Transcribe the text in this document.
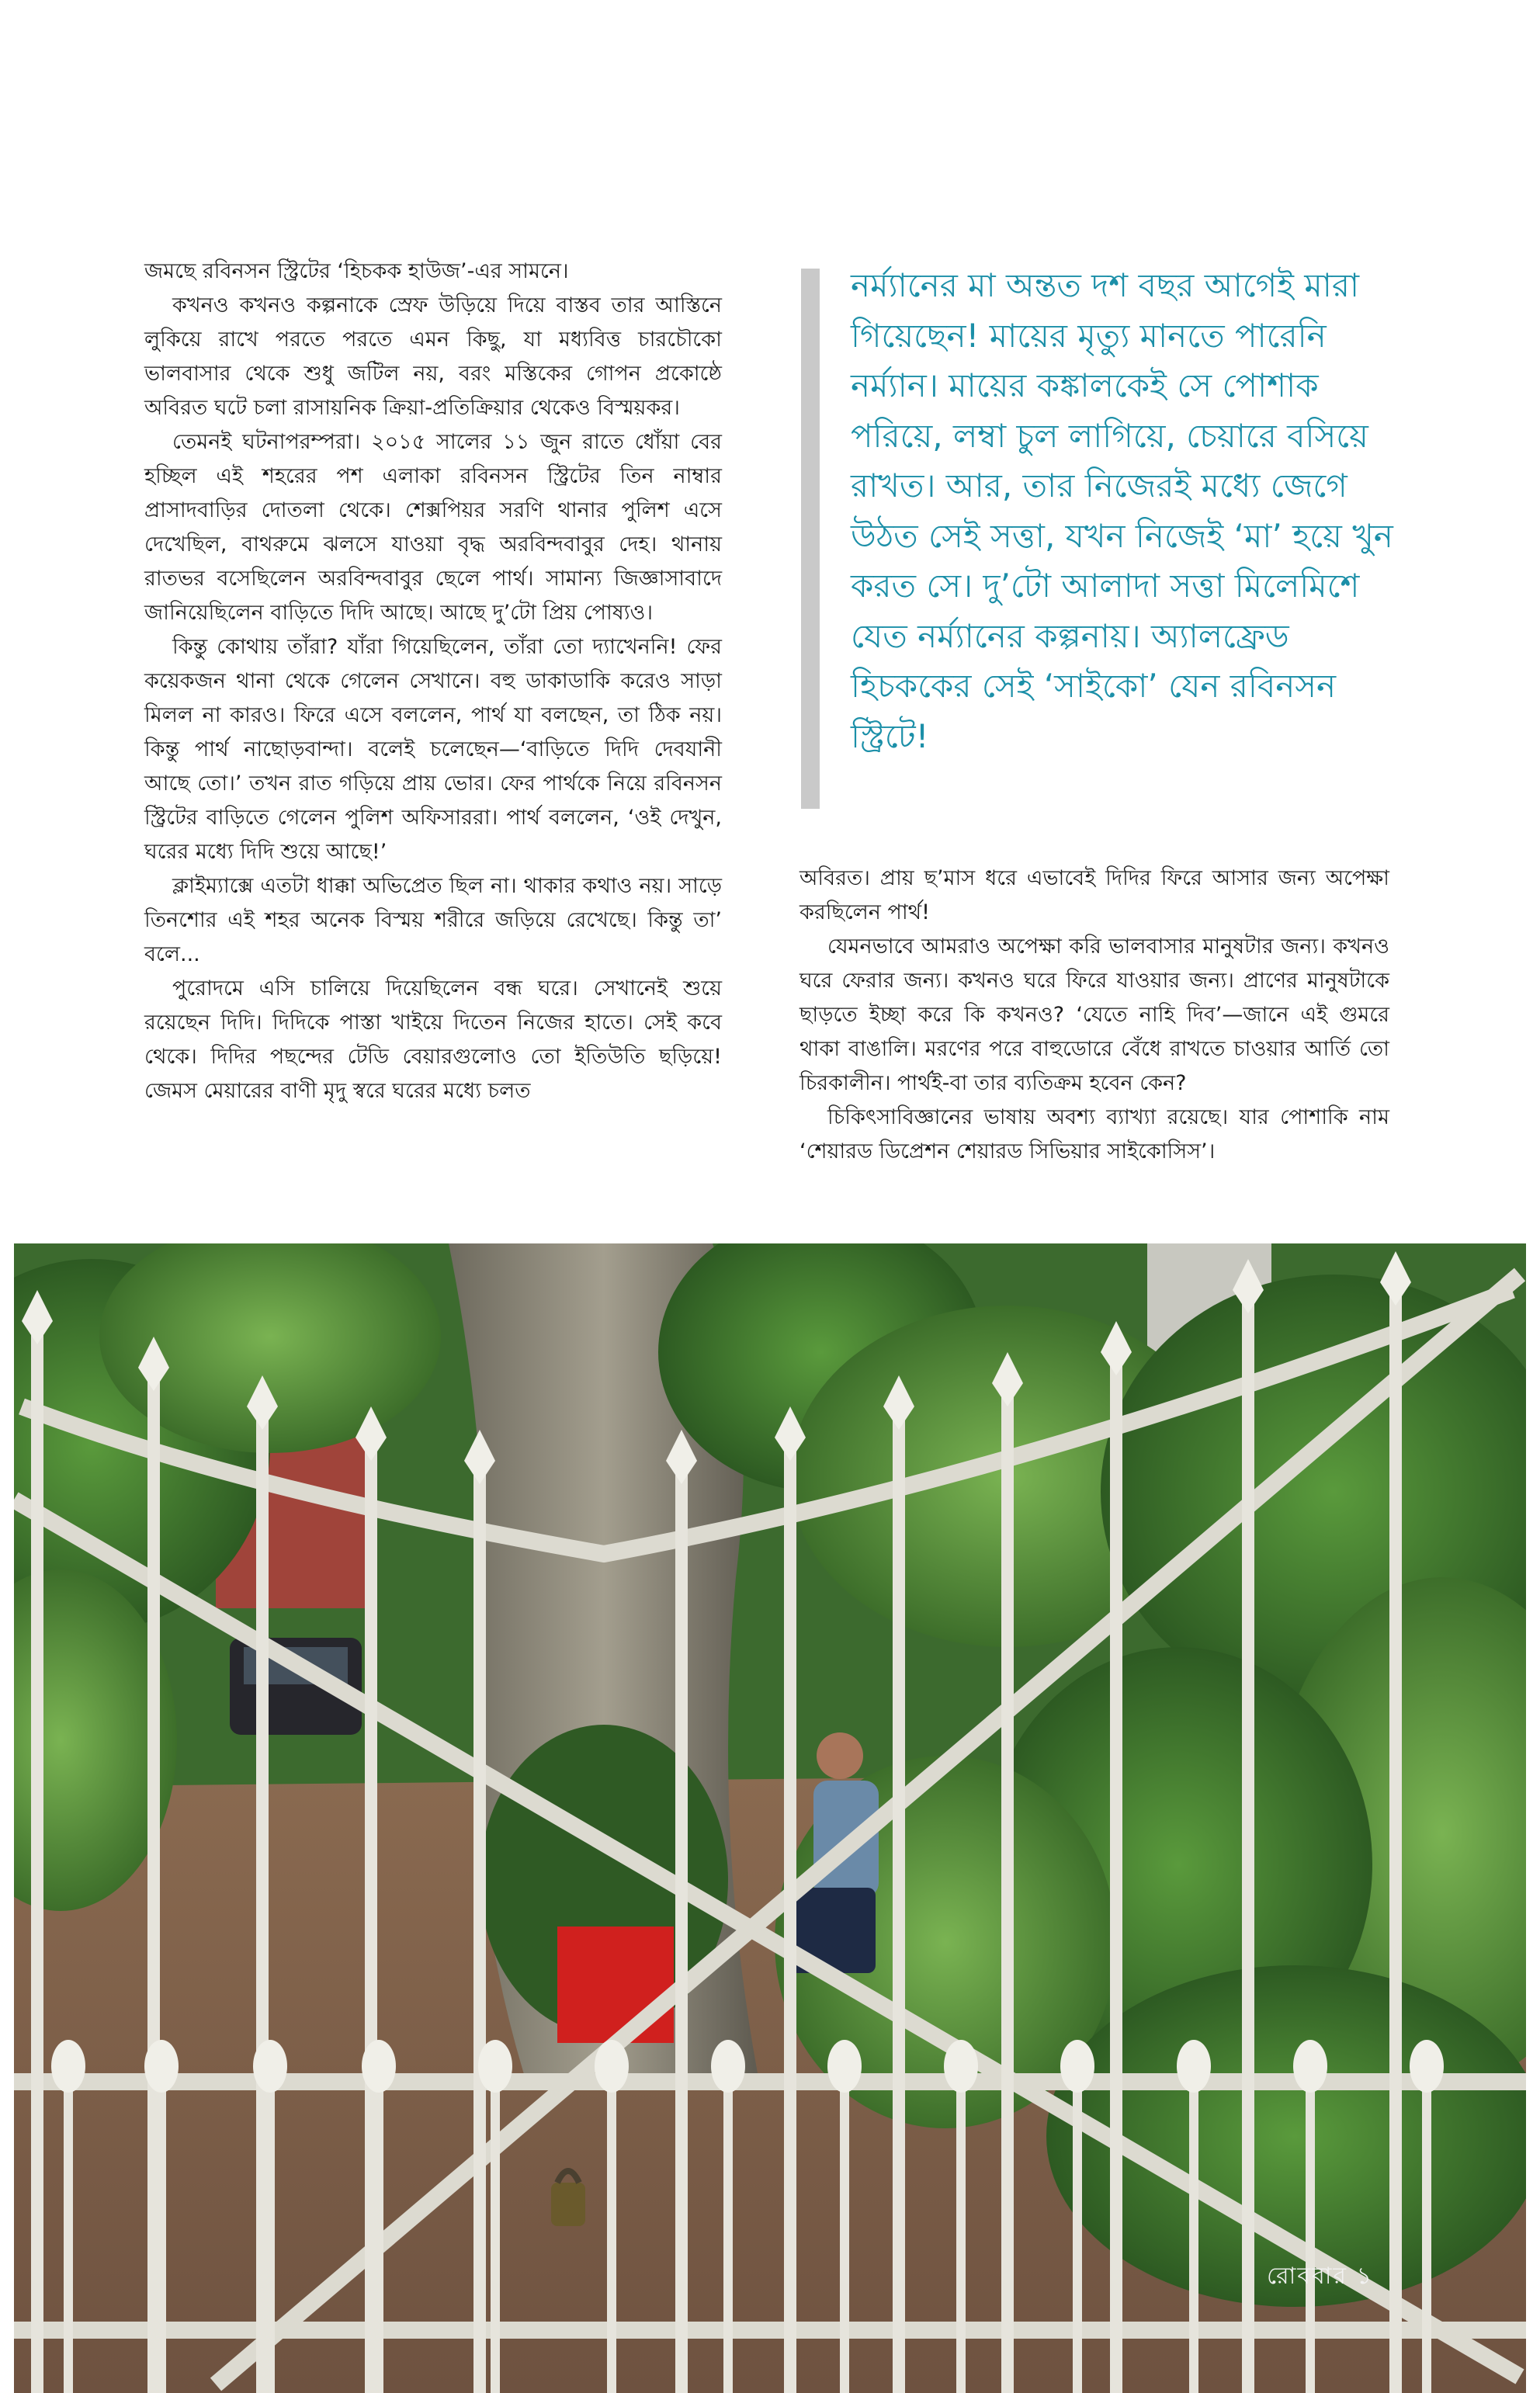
জমছে রবিনসন স্ট্রিটের ‘হিচকক হাউজ’-এর সামনে।

কখনও কখনও কল্পনাকে স্রেফ উড়িয়ে দিয়ে বাস্তব তার আস্তিনে লুকিয়ে রাখে পরতে পরতে এমন কিছু, যা মধ্যবিত্ত চারচৌকো ভালবাসার থেকে শুধু জটিল নয়, বরং মস্তিকের গোপন প্রকোষ্ঠে অবিরত ঘটে চলা রাসায়নিক ক্রিয়া-প্রতিক্রিয়ার থেকেও বিস্ময়কর।

তেমনই ঘটনাপরম্পরা। ২০১৫ সালের ১১ জুন রাতে ধোঁয়া বের হচ্ছিল এই শহরের পশ এলাকা রবিনসন স্ট্রিটের তিন নাম্বার প্রাসাদবাড়ির দোতলা থেকে। শেক্সপিয়র সরণি থানার পুলিশ এসে দেখেছিল, বাথরুমে ঝলসে যাওয়া বৃদ্ধ অরবিন্দবাবুর দেহ। থানায় রাতভর বসেছিলেন অরবিন্দবাবুর ছেলে পার্থ। সামান্য জিজ্ঞাসাবাদে জানিয়েছিলেন বাড়িতে দিদি আছে। আছে দু’টো প্রিয় পোষ্যও।

কিন্তু কোথায় তাঁরা? যাঁরা গিয়েছিলেন, তাঁরা তো দ্যাখেননি! ফের কয়েকজন থানা থেকে গেলেন সেখানে। বহু ডাকাডাকি করেও সাড়া মিলল না কারও। ফিরে এসে বললেন, পার্থ যা বলছেন, তা ঠিক নয়। কিন্তু পার্থ নাছোড়বান্দা। বলেই চলেছেন—‘বাড়িতে দিদি দেবযানী আছে তো।’ তখন রাত গড়িয়ে প্রায় ভোর। ফের পার্থকে নিয়ে রবিনসন স্ট্রিটের বাড়িতে গেলেন পুলিশ অফিসাররা। পার্থ বললেন, ‘ওই দেখুন, ঘরের মধ্যে দিদি শুয়ে আছে!’

ক্লাইম্যাক্সে এতটা ধাক্কা অভিপ্রেত ছিল না। থাকার কথাও নয়। সাড়ে তিনশোর এই শহর অনেক বিস্ময় শরীরে জড়িয়ে রেখেছে। কিন্তু তা’ বলে...

পুরোদমে এসি চালিয়ে দিয়েছিলেন বন্ধ ঘরে। সেখানেই শুয়ে রয়েছেন দিদি। দিদিকে পাস্তা খাইয়ে দিতেন নিজের হাতে। সেই কবে থেকে। দিদির পছন্দের টেডি বেয়ারগুলোও তো ইতিউতি ছড়িয়ে! জেমস মেয়ারের বাণী মৃদু স্বরে ঘরের মধ্যে চলত

নর্ম্যানের মা অন্তত দশ বছর আগেই মারা গিয়েছেন! মায়ের মৃত্যু মানতে পারেনি নর্ম্যান। মায়ের কঙ্কালকেই সে পোশাক পরিয়ে, লম্বা চুল লাগিয়ে, চেয়ারে বসিয়ে রাখত। আর, তার নিজেরই মধ্যে জেগে উঠত সেই সত্তা, যখন নিজেই ‘মা’ হয়ে খুন করত সে। দু’টো আলাদা সত্তা মিলেমিশে যেত নর্ম্যানের কল্পনায়। অ্যালফ্রেড হিচককের সেই ‘সাইকো’ যেন রবিনসন স্ট্রিটে!

অবিরত। প্রায় ছ’মাস ধরে এভাবেই দিদির ফিরে আসার জন্য অপেক্ষা করছিলেন পার্থ!

যেমনভাবে আমরাও অপেক্ষা করি ভালবাসার মানুষটার জন্য। কখনও ঘরে ফেরার জন্য। কখনও ঘরে ফিরে যাওয়ার জন্য। প্রাণের মানুষটাকে ছাড়তে ইচ্ছা করে কি কখনও? ‘যেতে নাহি দিব’—জানে এই গুমরে থাকা বাঙালি। মরণের পরে বাহুডোরে বেঁধে রাখতে চাওয়ার আর্তি তো চিরকালীন। পার্থই-বা তার ব্যতিক্রম হবেন কেন?

চিকিৎসাবিজ্ঞানের ভাষায় অবশ্য ব্যাখ্যা রয়েছে। যার পোশাকি নাম ‘শেয়ারড ডিপ্রেশন শেয়ারড সিভিয়ার সাইকোসিস’।

রোববার ১
